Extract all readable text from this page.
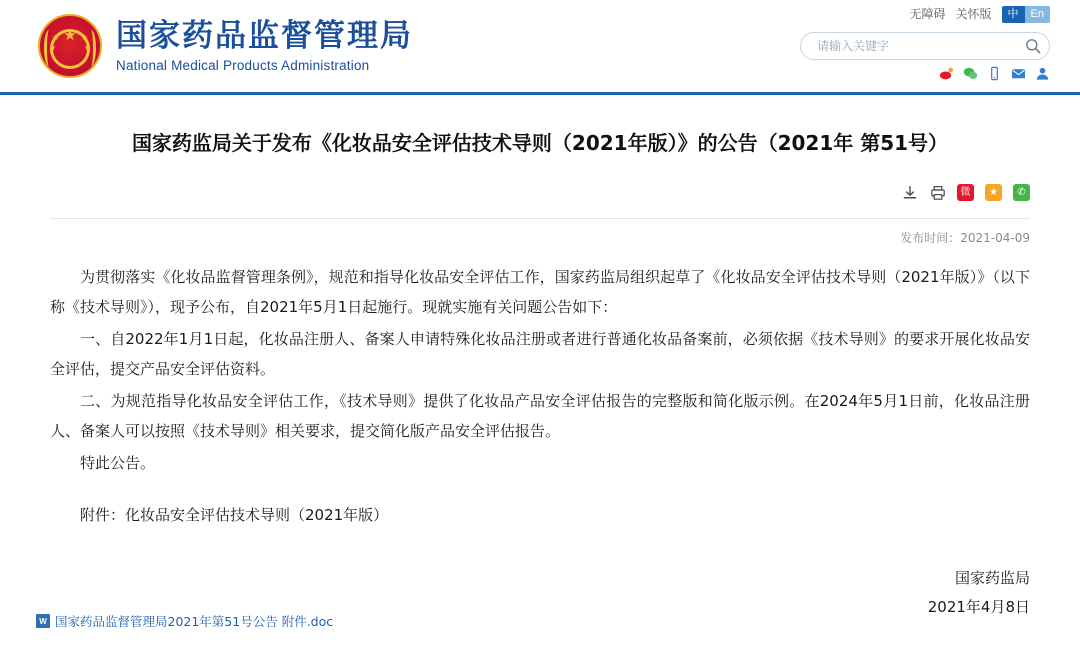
无障碍 关怀版	中	En
★
★
★
★
★ 国家药品监督管理局
National Medical Products Administration
请输入关键字
国家药监局关于发布《化妆品安全评估技术导则（2021年版）》的公告（2021年 第51号）
微	★	✆
发布时间：2021-04-09

为贯彻落实《化妆品监督管理条例》，规范和指导化妆品安全评估工作，国家药监局组织起草了《化妆品安全评估技术导则（2021年版）》（以下称《技术导则》），现予公布，自2021年5月1日起施行。现就实施有关问题公告如下：

一、自2022年1月1日起，化妆品注册人、备案人申请特殊化妆品注册或者进行普通化妆品备案前，必须依据《技术导则》的要求开展化妆品安全评估，提交产品安全评估资料。

二、为规范指导化妆品安全评估工作，《技术导则》提供了化妆品产品安全评估报告的完整版和简化版示例。在2024年5月1日前，化妆品注册人、备案人可以按照《技术导则》相关要求，提交简化版产品安全评估报告。

特此公告。

附件：化妆品安全评估技术导则（2021年版）

国家药监局
2021年4月8日
W 国家药品监督管理局2021年第51号公告 附件.doc
